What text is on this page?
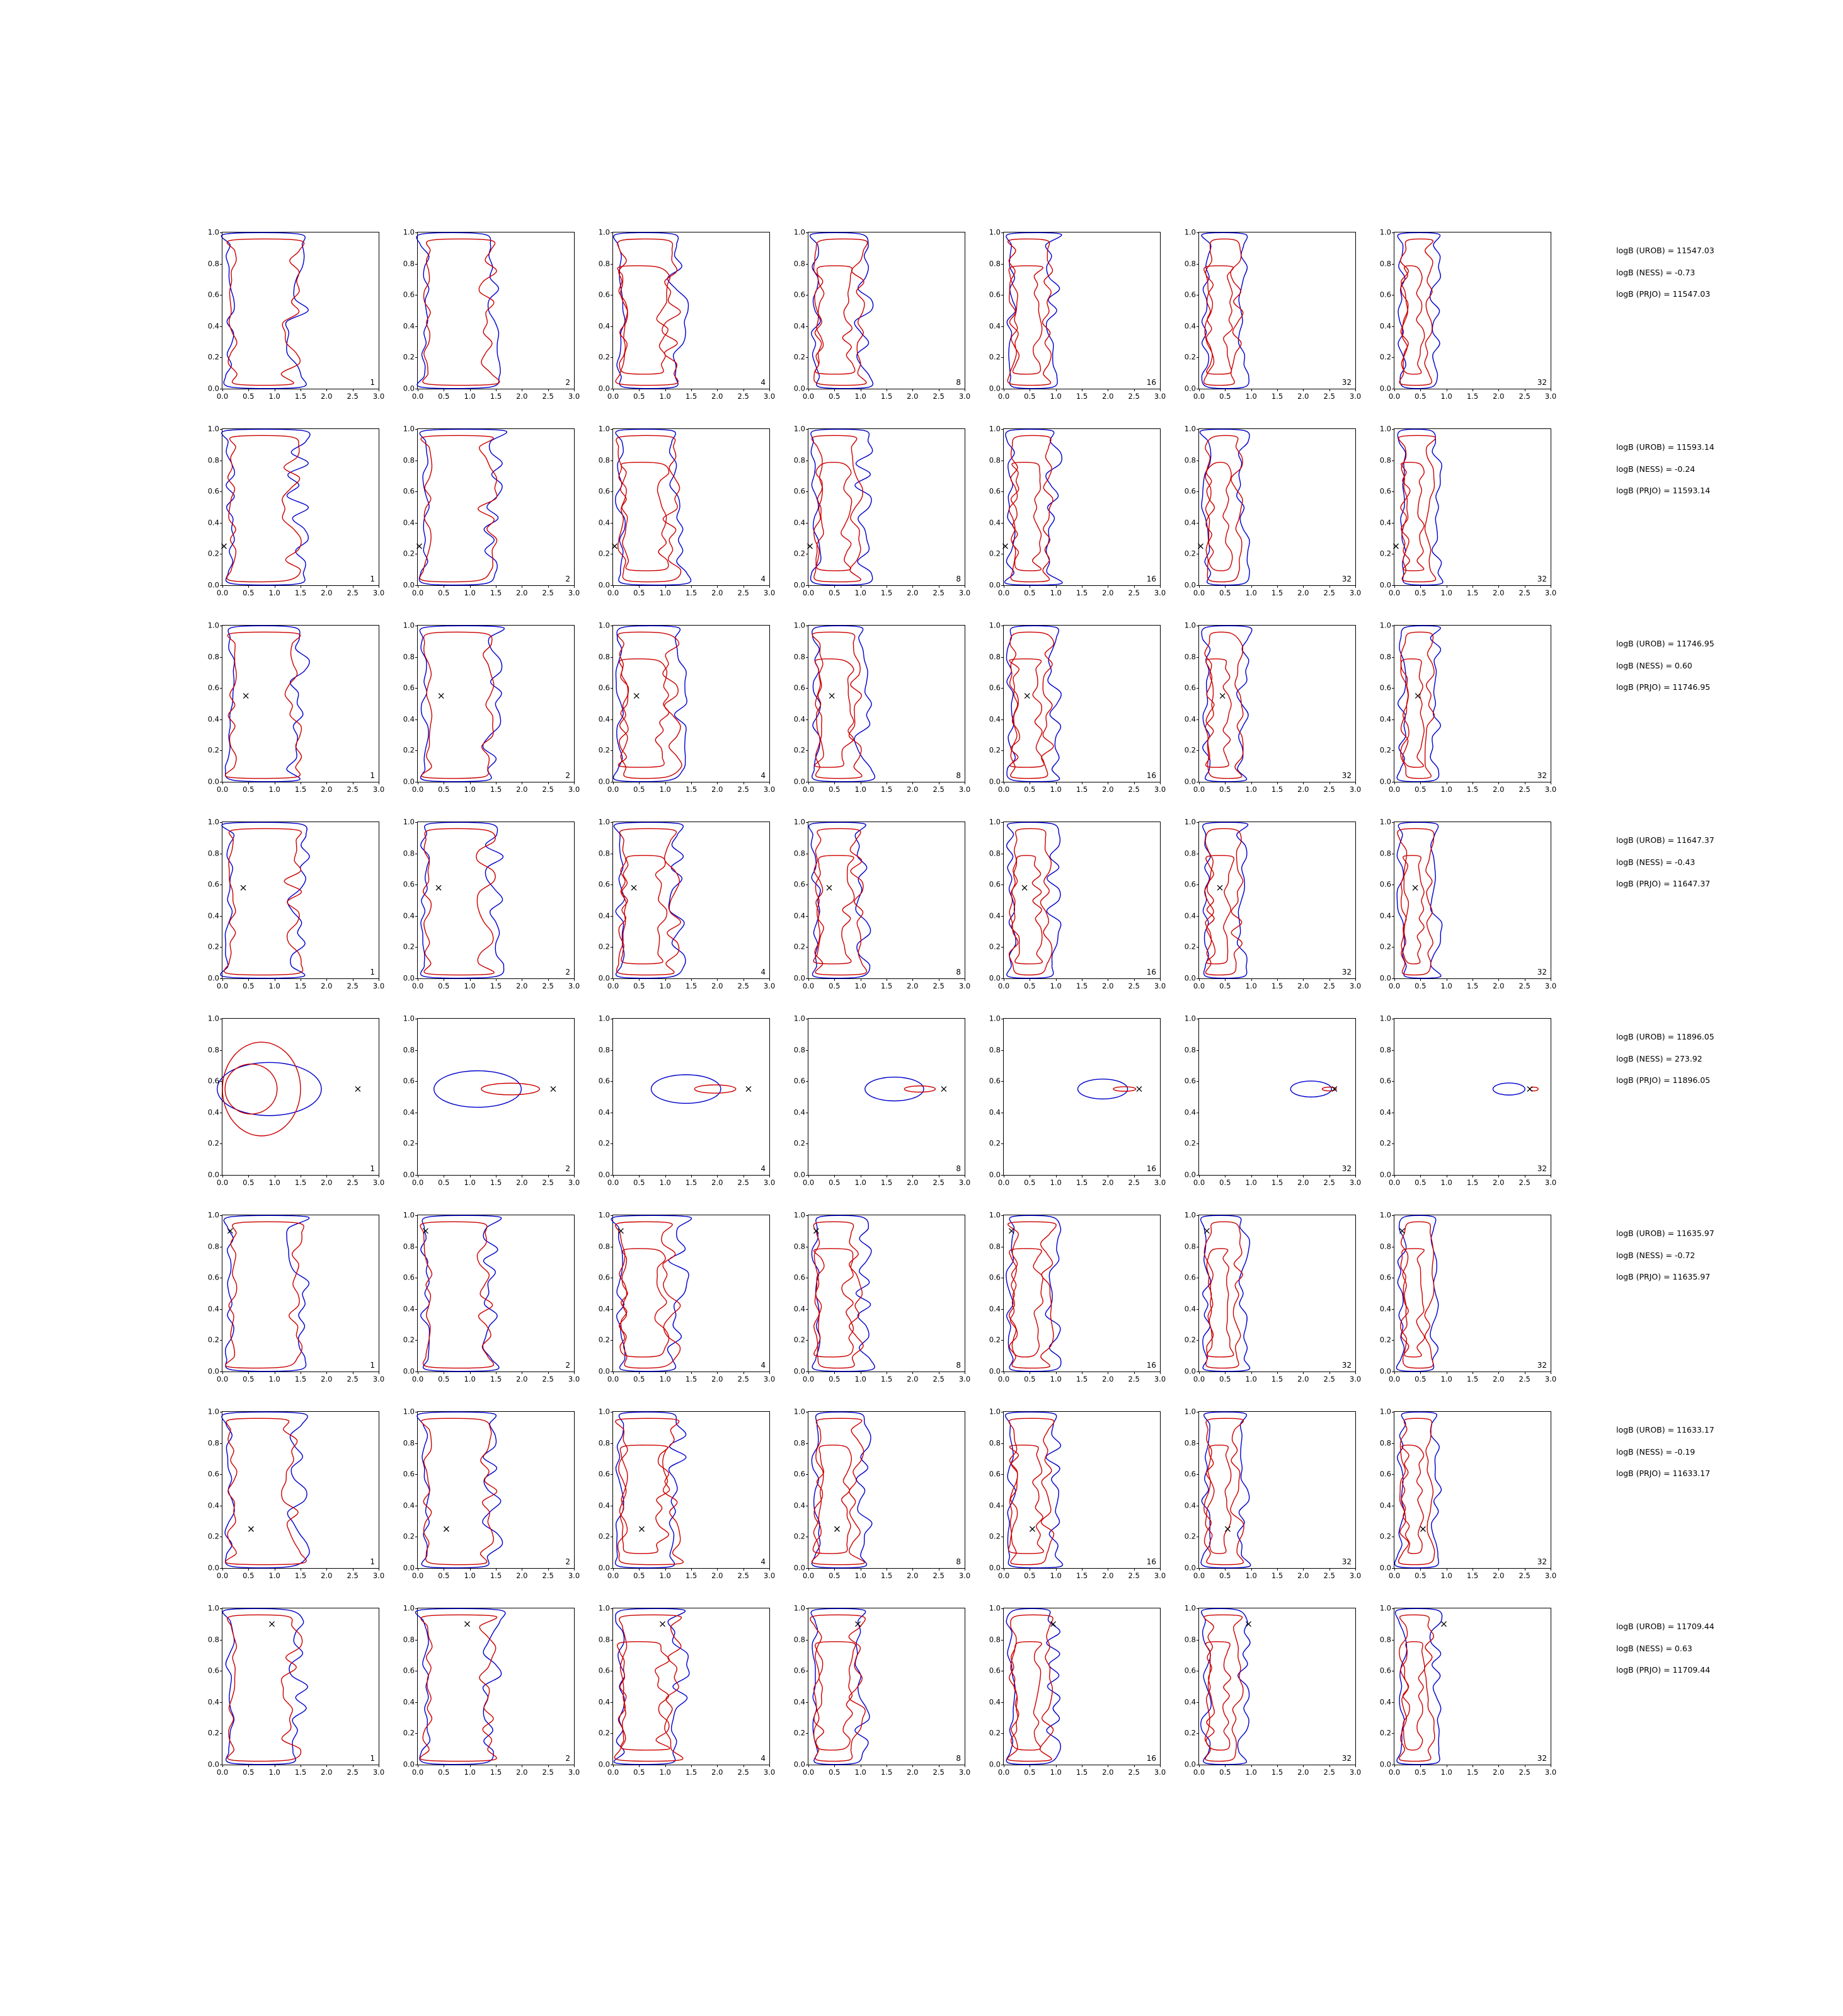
0.0
0.2
0.4
0.6
0.8
1.0
0.0 0.5 1.0 1.5 2.0 2.5 3.0
1
0.0
0.2
0.4
0.6
0.8
1.0
0.0 0.5 1.0 1.5 2.0 2.5 3.0
2
0.0
0.2
0.4
0.6
0.8
1.0
0.0 0.5 1.0 1.5 2.0 2.5 3.0
4
0.0
0.2
0.4
0.6
0.8
1.0
0.0 0.5 1.0 1.5 2.0 2.5 3.0
8
0.0
0.2
0.4
0.6
0.8
1.0
0.0 0.5 1.0 1.5 2.0 2.5 3.0
16
0.0
0.2
0.4
0.6
0.8
1.0
0.0 0.5 1.0 1.5 2.0 2.5 3.0
32
0.0
0.2
0.4
0.6
0.8
1.0
0.0 0.5 1.0 1.5 2.0 2.5 3.0
32
0.0
0.2
0.4
0.6
0.8
1.0
0.0 0.5 1.0 1.5 2.0 2.5 3.0
1
0.0
0.2
0.4
0.6
0.8
1.0
0.0 0.5 1.0 1.5 2.0 2.5 3.0
2
0.0
0.2
0.4
0.6
0.8
1.0
0.0 0.5 1.0 1.5 2.0 2.5 3.0
4
0.0
0.2
0.4
0.6
0.8
1.0
0.0 0.5 1.0 1.5 2.0 2.5 3.0
8
0.0
0.2
0.4
0.6
0.8
1.0
0.0 0.5 1.0 1.5 2.0 2.5 3.0
16
0.0
0.2
0.4
0.6
0.8
1.0
0.0 0.5 1.0 1.5 2.0 2.5 3.0
32
0.0
0.2
0.4
0.6
0.8
1.0
0.0 0.5 1.0 1.5 2.0 2.5 3.0
32
0.0
0.2
0.4
0.6
0.8
1.0
0.0 0.5 1.0 1.5 2.0 2.5 3.0
1
0.0
0.2
0.4
0.6
0.8
1.0
0.0 0.5 1.0 1.5 2.0 2.5 3.0
2
0.0
0.2
0.4
0.6
0.8
1.0
0.0 0.5 1.0 1.5 2.0 2.5 3.0
4
0.0
0.2
0.4
0.6
0.8
1.0
0.0 0.5 1.0 1.5 2.0 2.5 3.0
8
0.0
0.2
0.4
0.6
0.8
1.0
0.0 0.5 1.0 1.5 2.0 2.5 3.0
16
0.0
0.2
0.4
0.6
0.8
1.0
0.0 0.5 1.0 1.5 2.0 2.5 3.0
32
0.0
0.2
0.4
0.6
0.8
1.0
0.0 0.5 1.0 1.5 2.0 2.5 3.0
32
0.0
0.2
0.4
0.6
0.8
1.0
0.0 0.5 1.0 1.5 2.0 2.5 3.0
1
0.0
0.2
0.4
0.6
0.8
1.0
0.0 0.5 1.0 1.5 2.0 2.5 3.0
2
0.0
0.2
0.4
0.6
0.8
1.0
0.0 0.5 1.0 1.5 2.0 2.5 3.0
4
0.0
0.2
0.4
0.6
0.8
1.0
0.0 0.5 1.0 1.5 2.0 2.5 3.0
8
0.0
0.2
0.4
0.6
0.8
1.0
0.0 0.5 1.0 1.5 2.0 2.5 3.0
16
0.0
0.2
0.4
0.6
0.8
1.0
0.0 0.5 1.0 1.5 2.0 2.5 3.0
32
0.0
0.2
0.4
0.6
0.8
1.0
0.0 0.5 1.0 1.5 2.0 2.5 3.0
32
0.0
0.2
0.4
0.6
0.8
1.0
0.0 0.5 1.0 1.5 2.0 2.5 3.0
1
0.0
0.2
0.4
0.6
0.8
1.0
0.0 0.5 1.0 1.5 2.0 2.5 3.0
2
0.0
0.2
0.4
0.6
0.8
1.0
0.0 0.5 1.0 1.5 2.0 2.5 3.0
4
0.0
0.2
0.4
0.6
0.8
1.0
0.0 0.5 1.0 1.5 2.0 2.5 3.0
8
0.0
0.2
0.4
0.6
0.8
1.0
0.0 0.5 1.0 1.5 2.0 2.5 3.0
16
0.0
0.2
0.4
0.6
0.8
1.0
0.0 0.5 1.0 1.5 2.0 2.5 3.0
32
0.0
0.2
0.4
0.6
0.8
1.0
0.0 0.5 1.0 1.5 2.0 2.5 3.0
32
0.0
0.2
0.4
0.6
0.8
1.0
0.0 0.5 1.0 1.5 2.0 2.5 3.0
1
0.0
0.2
0.4
0.6
0.8
1.0
0.0 0.5 1.0 1.5 2.0 2.5 3.0
2
0.0
0.2
0.4
0.6
0.8
1.0
0.0 0.5 1.0 1.5 2.0 2.5 3.0
4
0.0
0.2
0.4
0.6
0.8
1.0
0.0 0.5 1.0 1.5 2.0 2.5 3.0
8
0.0
0.2
0.4
0.6
0.8
1.0
0.0 0.5 1.0 1.5 2.0 2.5 3.0
16
0.0
0.2
0.4
0.6
0.8
1.0
0.0 0.5 1.0 1.5 2.0 2.5 3.0
32
0.0
0.2
0.4
0.6
0.8
1.0
0.0 0.5 1.0 1.5 2.0 2.5 3.0
32
0.0
0.2
0.4
0.6
0.8
1.0
0.0 0.5 1.0 1.5 2.0 2.5 3.0
1
0.0
0.2
0.4
0.6
0.8
1.0
0.0 0.5 1.0 1.5 2.0 2.5 3.0
2
0.0
0.2
0.4
0.6
0.8
1.0
0.0 0.5 1.0 1.5 2.0 2.5 3.0
4
0.0
0.2
0.4
0.6
0.8
1.0
0.0 0.5 1.0 1.5 2.0 2.5 3.0
8
0.0
0.2
0.4
0.6
0.8
1.0
0.0 0.5 1.0 1.5 2.0 2.5 3.0
16
0.0
0.2
0.4
0.6
0.8
1.0
0.0 0.5 1.0 1.5 2.0 2.5 3.0
32
0.0
0.2
0.4
0.6
0.8
1.0
0.0 0.5 1.0 1.5 2.0 2.5 3.0
32
0.0
0.2
0.4
0.6
0.8
1.0
0.0 0.5 1.0 1.5 2.0 2.5 3.0
1
0.0
0.2
0.4
0.6
0.8
1.0
0.0 0.5 1.0 1.5 2.0 2.5 3.0
2
0.0
0.2
0.4
0.6
0.8
1.0
0.0 0.5 1.0 1.5 2.0 2.5 3.0
4
0.0
0.2
0.4
0.6
0.8
1.0
0.0 0.5 1.0 1.5 2.0 2.5 3.0
8
0.0
0.2
0.4
0.6
0.8
1.0
0.0 0.5 1.0 1.5 2.0 2.5 3.0
16
0.0
0.2
0.4
0.6
0.8
1.0
0.0 0.5 1.0 1.5 2.0 2.5 3.0
32
0.0
0.2
0.4
0.6
0.8
1.0
0.0 0.5 1.0 1.5 2.0 2.5 3.0
32
logB (UROB) = 11547.03
logB (NESS) = -0.73
logB (PRJO) = 11547.03
logB (UROB) = 11593.14
logB (NESS) = -0.24
logB (PRJO) = 11593.14
logB (UROB) = 11746.95
logB (NESS) = 0.60
logB (PRJO) = 11746.95
logB (UROB) = 11647.37
logB (NESS) = -0.43
logB (PRJO) = 11647.37
logB (UROB) = 11896.05
logB (NESS) = 273.92
logB (PRJO) = 11896.05
logB (UROB) = 11635.97
logB (NESS) = -0.72
logB (PRJO) = 11635.97
logB (UROB) = 11633.17
logB (NESS) = -0.19
logB (PRJO) = 11633.17
logB (UROB) = 11709.44
logB (NESS) = 0.63
logB (PRJO) = 11709.44
